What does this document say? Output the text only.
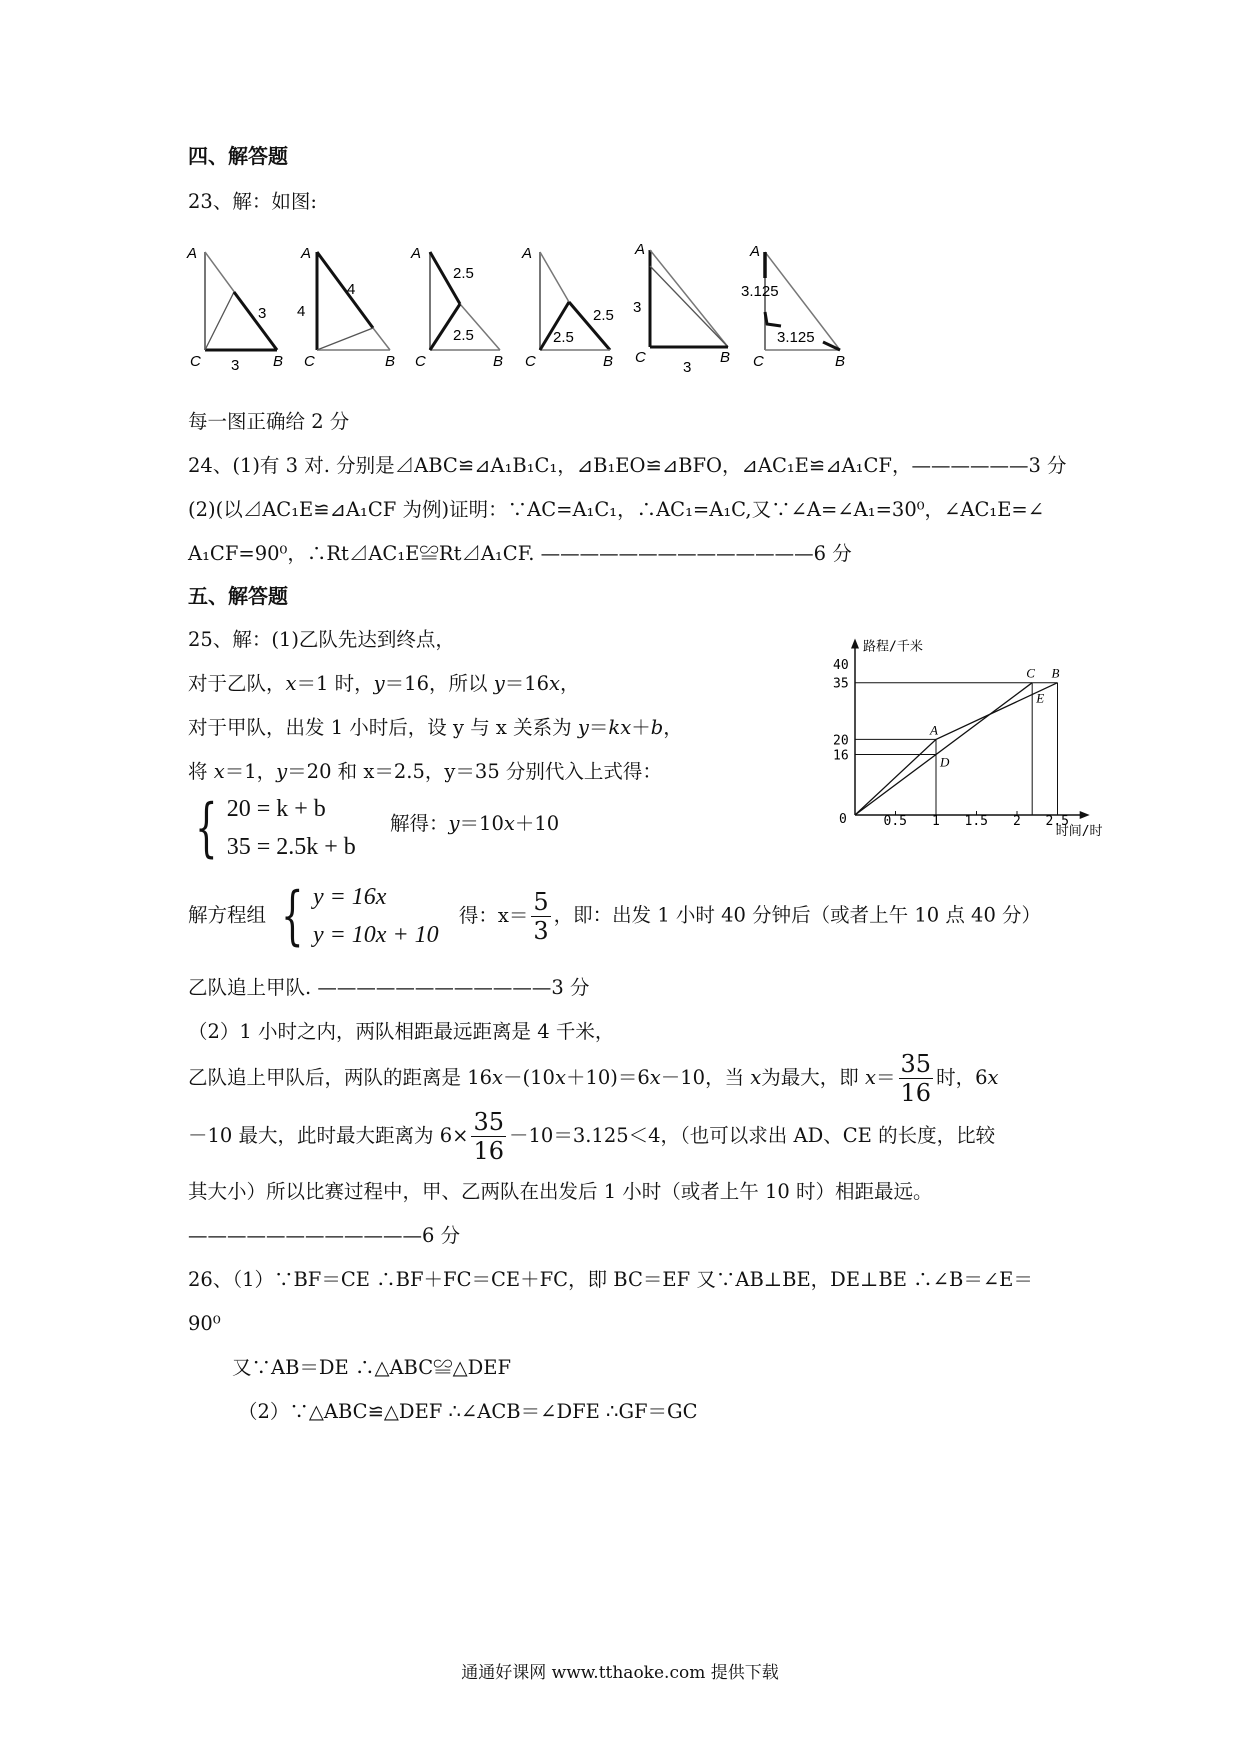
四、解答题
23、解：如图:
A
C	B
3
3
A
C	B
4
4
A
C	B
2.5
2.5
A
C	B
2.5
2.5
A
C	B
3
3
A
C	B
3.125
3.125
每一图正确给 2 分
24、(1)有 3 对. 分别是⊿ABC≌⊿A₁B₁C₁，⊿B₁EO≌⊿BFO，⊿AC₁E≌⊿A₁CF，——————3 分
(2)(以⊿AC₁E≌⊿A₁CF 为例)证明：∵AC=A₁C₁，∴AC₁=A₁C,又∵∠A=∠A₁=30⁰，∠AC₁E=∠
A₁CF=90⁰，∴Rt⊿AC₁E≌Rt⊿A₁CF. ——————————————6 分
五、解答题
25、解：(1)乙队先达到终点，
对于乙队，x＝1 时，y＝16，所以 y＝16x，
对于甲队，出发 1 小时后，设 y 与 x 关系为 y＝kx＋b，
将 x＝1，y＝20 和 x＝2.5，y＝35 分别代入上式得：
{ 20 = k + b
35 = 2.5k + b
解得：y＝10x＋10
解方程组 { y = 16x
y = 10x + 10
得：$x= \frac{5}{3}$ ，即：出发 1 小时 40 分钟后（或者上午 10 点 40 分）
乙队追上甲队. ————————————3 分
（2）1 小时之内，两队相距最远距离是 4 千米，
乙队追上甲队后，两队的距离是 16x－(10x＋10)＝6x－10，当 x为最大，即 $x= \frac{35}{16}$ 时，6x
－10 最大，此时最大距离为 $6\times \frac{35}{16} -10=3.125<4$，（也可以求出 AD、CE 的长度，比较
其大小）所以比赛过程中，甲、乙两队在出发后 1 小时（或者上午 10 时）相距最远。
————————————6 分
26、（1）∵BF＝CE ∴BF＋FC＝CE＋FC，即 BC＝EF 又∵AB⊥BE，DE⊥BE ∴∠B＝∠E＝
90⁰
又∵AB＝DE ∴△ABC≌△DEF
（2）∵△ABC≌△DEF ∴∠ACB＝∠DFE ∴GF＝GC
路程/千米
时间/时
0	0.5 1 1.5 2 2.5
16
20
35
40
A
D
C B
E
通通好课网 www.tthaoke.com 提供下载
